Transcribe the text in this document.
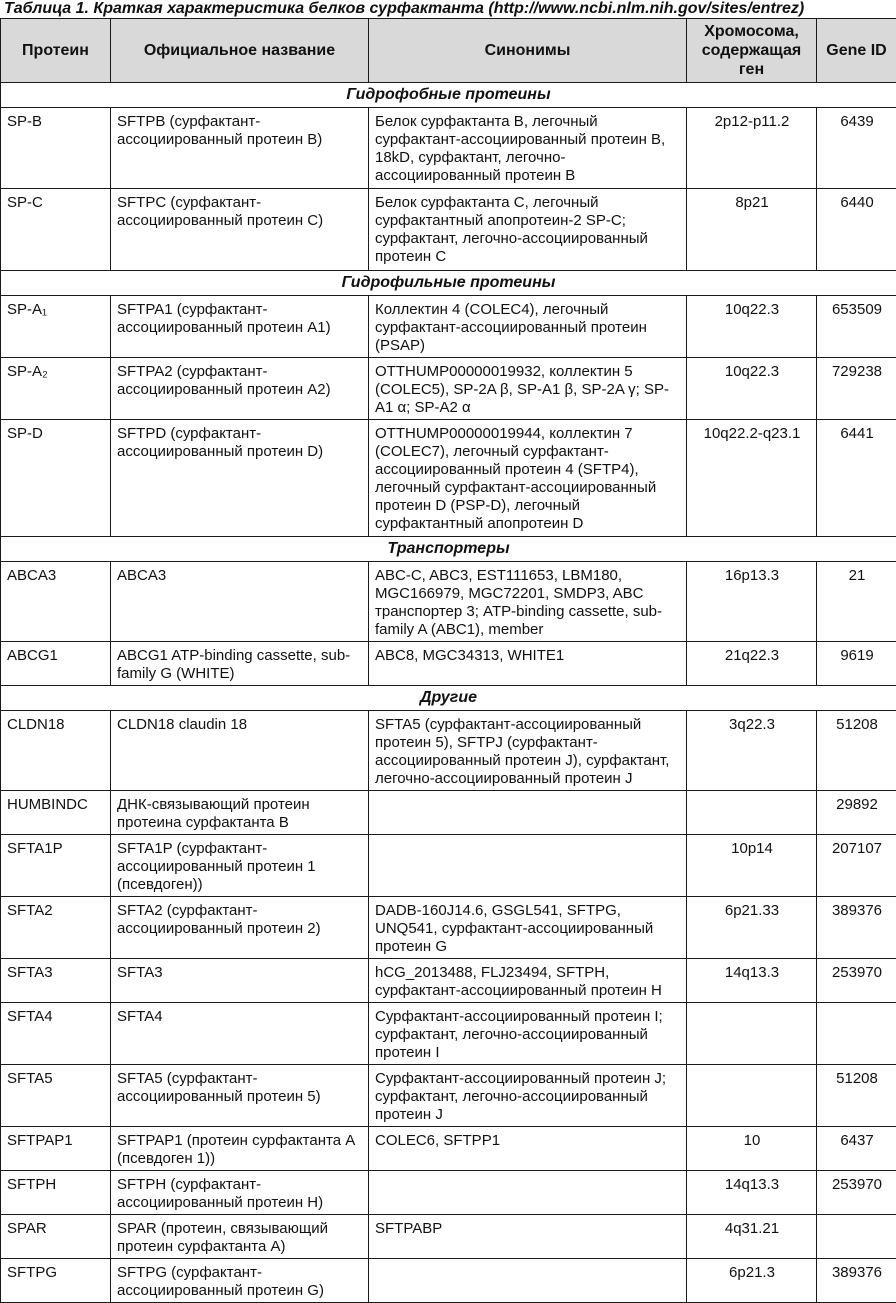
Таблица 1. Краткая характеристика белков сурфактанта (http://www.ncbi.nlm.nih.gov/sites/entrez)
Протеин	Официальное название	Синонимы	Хромосома, содержащая ген	Gene ID
Гидрофобные протеины				
SP-B	SFTPB (сурфактант-ассоциированный протеин B)	Белок сурфактанта B, легочный сурфактант-ассоциированный протеин B, 18kD, сурфактант, легочно-ассоциированный протеин B	2p12-p11.2	6439
SP-C	SFTPC (сурфактант-ассоциированный протеин C)	Белок сурфактанта C, легочный сурфактантный апопротеин-2 SP-C; сурфактант, легочно-ассоциированный протеин C	8p21	6440
Гидрофильные протеины				
SP-A₁	SFTPA1 (сурфактант-ассоциированный протеин A1)	Коллектин 4 (COLEC4), легочный сурфактант-ассоциированный протеин (PSAP)	10q22.3	653509
SP-A₂	SFTPA2 (сурфактант-ассоциированный протеин A2)	OTTHUMP00000019932, коллектин 5 (COLEC5), SP-2A β, SP-A1 β, SP-2A γ; SP-A1 α; SP-A2 α	10q22.3	729238
SP-D	SFTPD (сурфактант-ассоциированный протеин D)	OTTHUMP00000019944, коллектин 7 (COLEC7), легочный сурфактант-ассоциированный протеин 4 (SFTP4), легочный сурфактант-ассоциированный протеин D (PSP-D), легочный сурфактантный апопротеин D	10q22.2-q23.1	6441
Транспортеры				
ABCA3	ABCA3	ABC-C, ABC3, EST111653, LBM180, MGC166979, MGC72201, SMDP3, ABC транспортер 3; ATP-binding cassette, sub-family A (ABC1), member	16p13.3	21
ABCG1	ABCG1 ATP-binding cassette, sub-family G (WHITE)	ABC8, MGC34313, WHITE1	21q22.3	9619
Другие				
CLDN18	CLDN18 claudin 18	SFTA5 (сурфактант-ассоциированный протеин 5), SFTPJ (сурфактант-ассоциированный протеин J), сурфактант, легочно-ассоциированный протеин J	3q22.3	51208
HUMBINDC	ДНК-связывающий протеин протеина сурфактанта B			29892
SFTA1P	SFTA1P (сурфактант-ассоциированный протеин 1 (псевдоген))		10p14	207107
SFTA2	SFTA2 (сурфактант-ассоциированный протеин 2)	DADB-160J14.6, GSGL541, SFTPG, UNQ541, сурфактант-ассоциированный протеин G	6p21.33	389376
SFTA3	SFTA3	hCG_2013488, FLJ23494, SFTPH, сурфактант-ассоциированный протеин H	14q13.3	253970
SFTA4	SFTA4	Сурфактант-ассоциированный протеин I; сурфактант, легочно-ассоциированный протеин I		
SFTA5	SFTA5 (сурфактант-ассоциированный протеин 5)	Сурфактант-ассоциированный протеин J; сурфактант, легочно-ассоциированный протеин J		51208
SFTPAP1	SFTPAP1 (протеин сурфактанта A (псевдоген 1))	COLEC6, SFTPP1	10	6437
SFTPH	SFTPH (сурфактант-ассоциированный протеин H)		14q13.3	253970
SPAR	SPAR (протеин, связывающий протеин сурфактанта A)	SFTPABP	4q31.21	
SFTPG	SFTPG (сурфактант-ассоциированный протеин G)		6p21.3	389376
